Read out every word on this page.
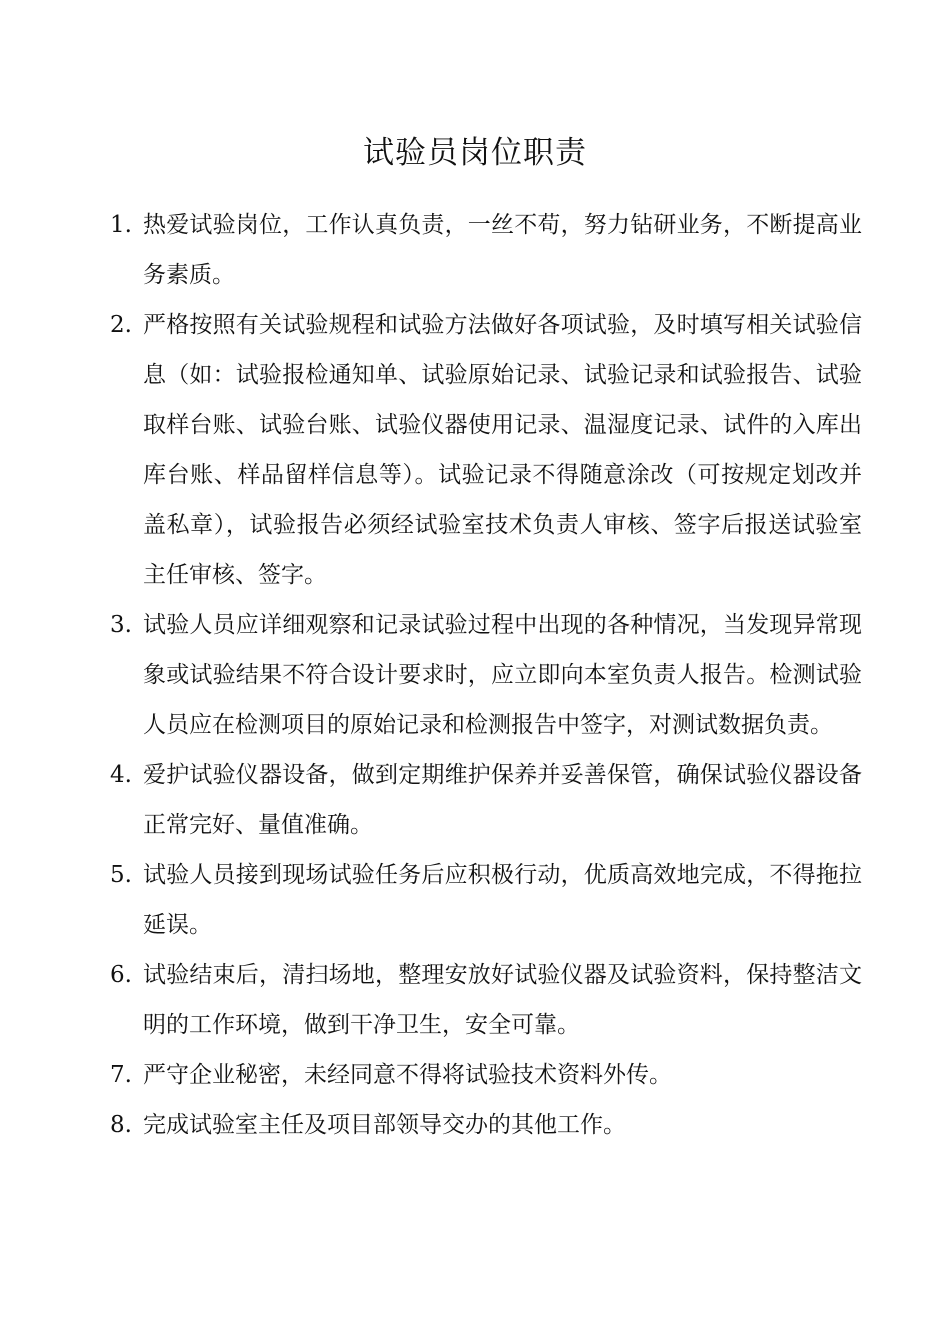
试验员岗位职责
1. 热爱试验岗位，工作认真负责，一丝不苟，努力钻研业务，不断提高业务素质。
2. 严格按照有关试验规程和试验方法做好各项试验，及时填写相关试验信息（如：试验报检通知单、试验原始记录、试验记录和试验报告、试验取样台账、试验台账、试验仪器使用记录、温湿度记录、试件的入库出库台账、样品留样信息等）。试验记录不得随意涂改（可按规定划改并盖私章），试验报告必须经试验室技术负责人审核、签字后报送试验室主任审核、签字。
3. 试验人员应详细观察和记录试验过程中出现的各种情况，当发现异常现象或试验结果不符合设计要求时，应立即向本室负责人报告。检测试验人员应在检测项目的原始记录和检测报告中签字，对测试数据负责。
4. 爱护试验仪器设备，做到定期维护保养并妥善保管，确保试验仪器设备正常完好、量值准确。
5. 试验人员接到现场试验任务后应积极行动，优质高效地完成，不得拖拉延误。
6. 试验结束后，清扫场地，整理安放好试验仪器及试验资料，保持整洁文明的工作环境，做到干净卫生，安全可靠。
7. 严守企业秘密，未经同意不得将试验技术资料外传。
8. 完成试验室主任及项目部领导交办的其他工作。
